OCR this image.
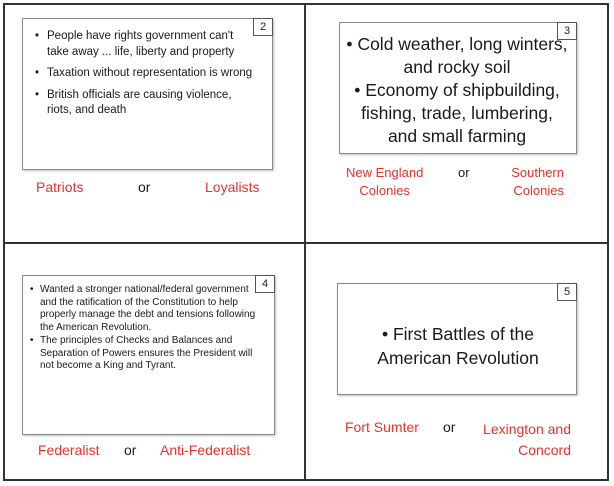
2
• People have rights government can't take away ... life, liberty and property
• Taxation without representation is wrong
• British officials are causing violence, riots, and death
Patriots	or	Loyalists
3
• Cold weather, long winters, and rocky soil
• Economy of shipbuilding, fishing, trade, lumbering, and small farming
New England
Colonies
or	Southern
Colonies
4
• Wanted a stronger national/federal government and the ratification of the Constitution to help properly manage the debt and tensions following the American Revolution.
• The principles of Checks and Balances and Separation of Powers ensures the President will not become a King and Tyrant.
Federalist or Anti-Federalist
5
• First Battles of the American Revolution
Fort Sumter or	Lexington and
Concord
